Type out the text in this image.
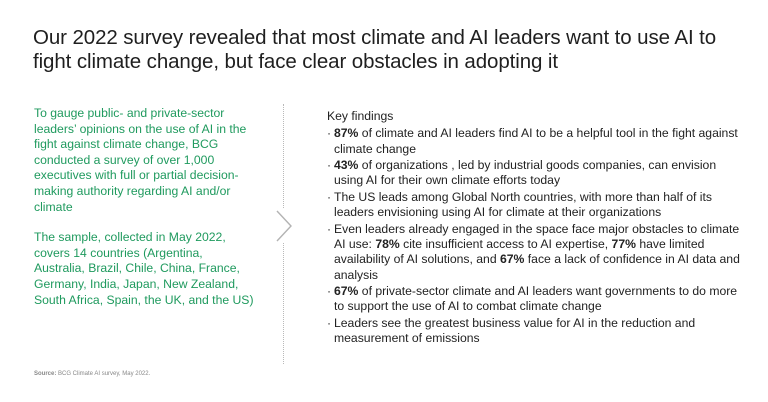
Our 2022 survey revealed that most climate and AI leaders want to use AI to
fight climate change, but face clear obstacles in adopting it

To gauge public- and private-sector leaders’ opinions on the use of AI in the fight against climate change, BCG conducted a survey of over 1,000 executives with full or partial decision-making authority regarding AI and/or climate

The sample, collected in May 2022, covers 14 countries (Argentina, Australia, Brazil, Chile, China, France, Germany, India, Japan, New Zealand, South Africa, Spain, the UK, and the US)

Key findings

· 87% of climate and AI leaders find AI to be a helpful tool in the fight against climate change
· 43% of organizations , led by industrial goods companies, can envision using AI for their own climate efforts today
· The US leads among Global North countries, with more than half of its leaders envisioning using AI for climate at their organizations
· Even leaders already engaged in the space face major obstacles to climate AI use: 78% cite insufficient access to AI expertise, 77% have limited availability of AI solutions, and 67% face a lack of confidence in AI data and analysis
· 67% of private-sector climate and AI leaders want governments to do more to support the use of AI to combat climate change
· Leaders see the greatest business value for AI in the reduction and measurement of emissions
Source: BCG Climate AI survey, May 2022.
